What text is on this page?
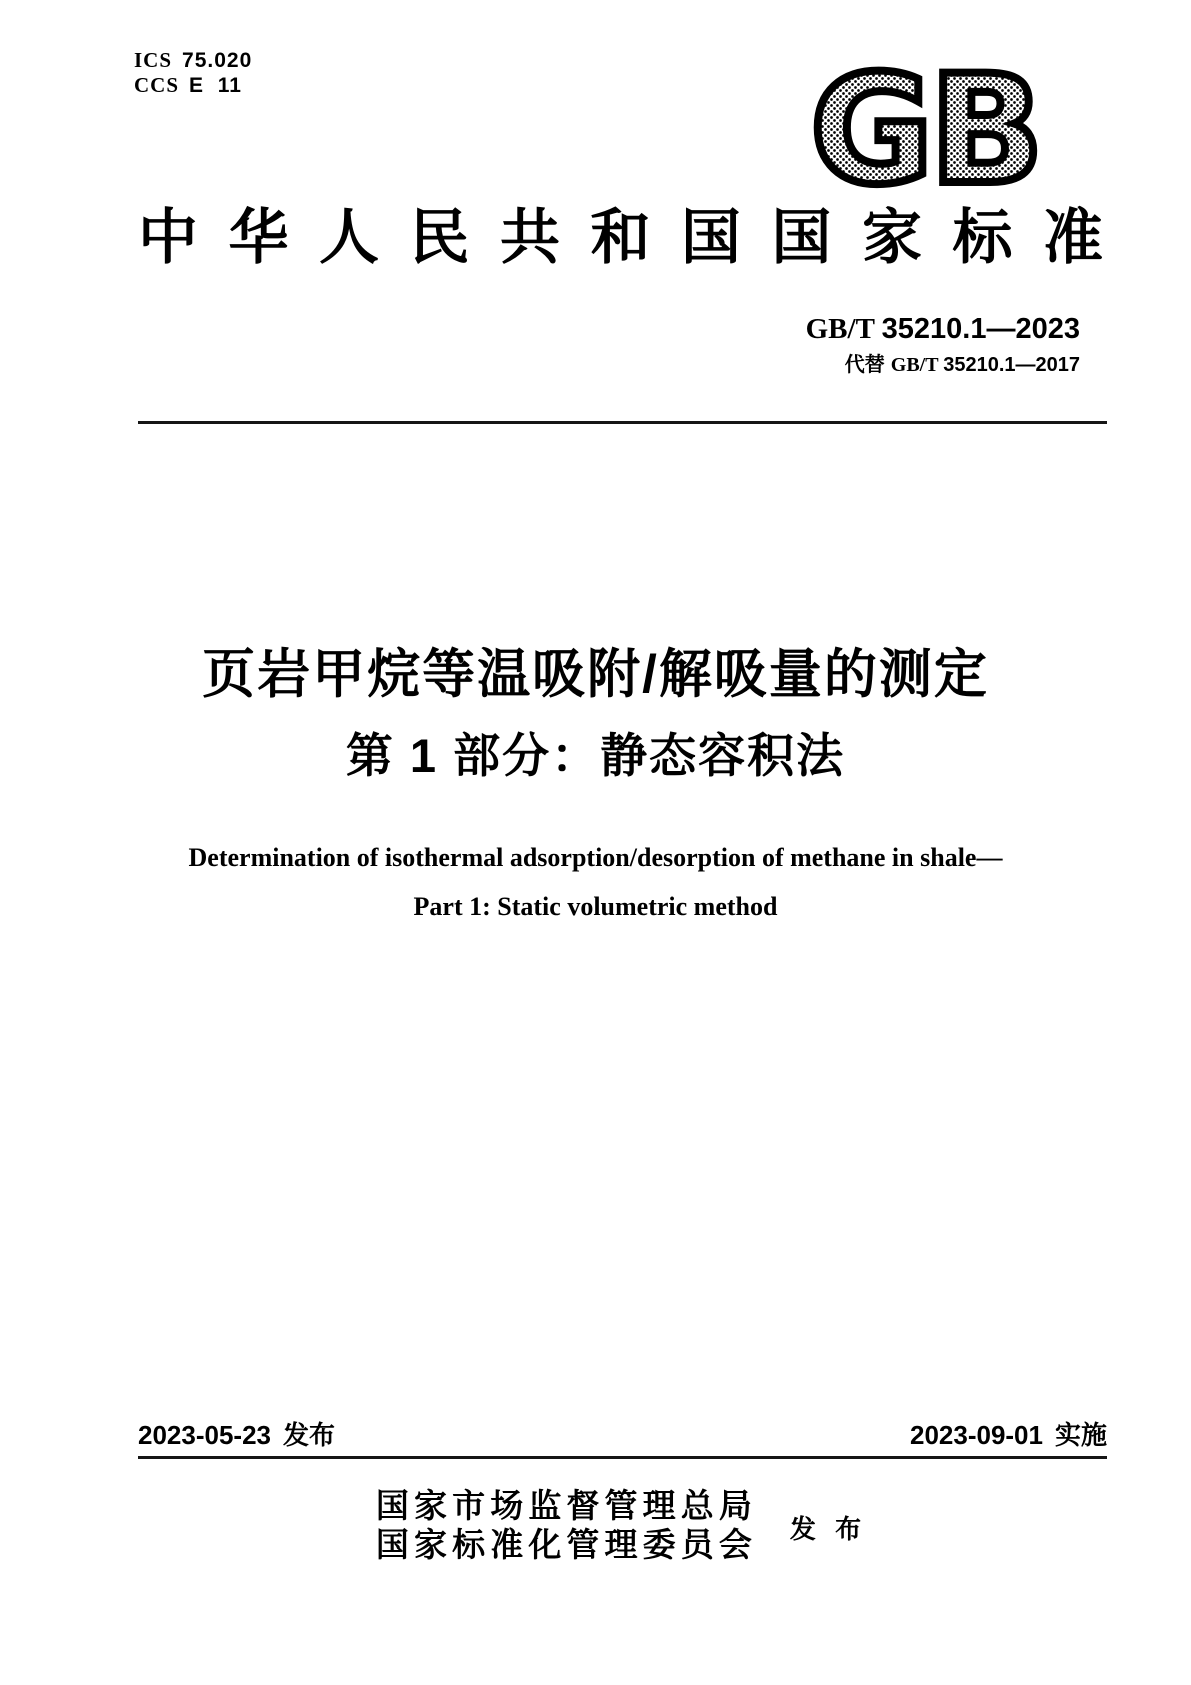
ICS 75.020
CCS E  11	GB
中华人民共和国国家标准
GB/T 35210.1—2023
代替 GB/T 35210.1—2017
页岩甲烷等温吸附/解吸量的测定
第 1 部分：静态容积法
Determination of isothermal adsorption/desorption of methane in shale—
Part 1: Static volumetric method
2023-05-23 发布	2023-09-01 实施
国家市场监督管理总局
国家标准化管理委员会 发 布
